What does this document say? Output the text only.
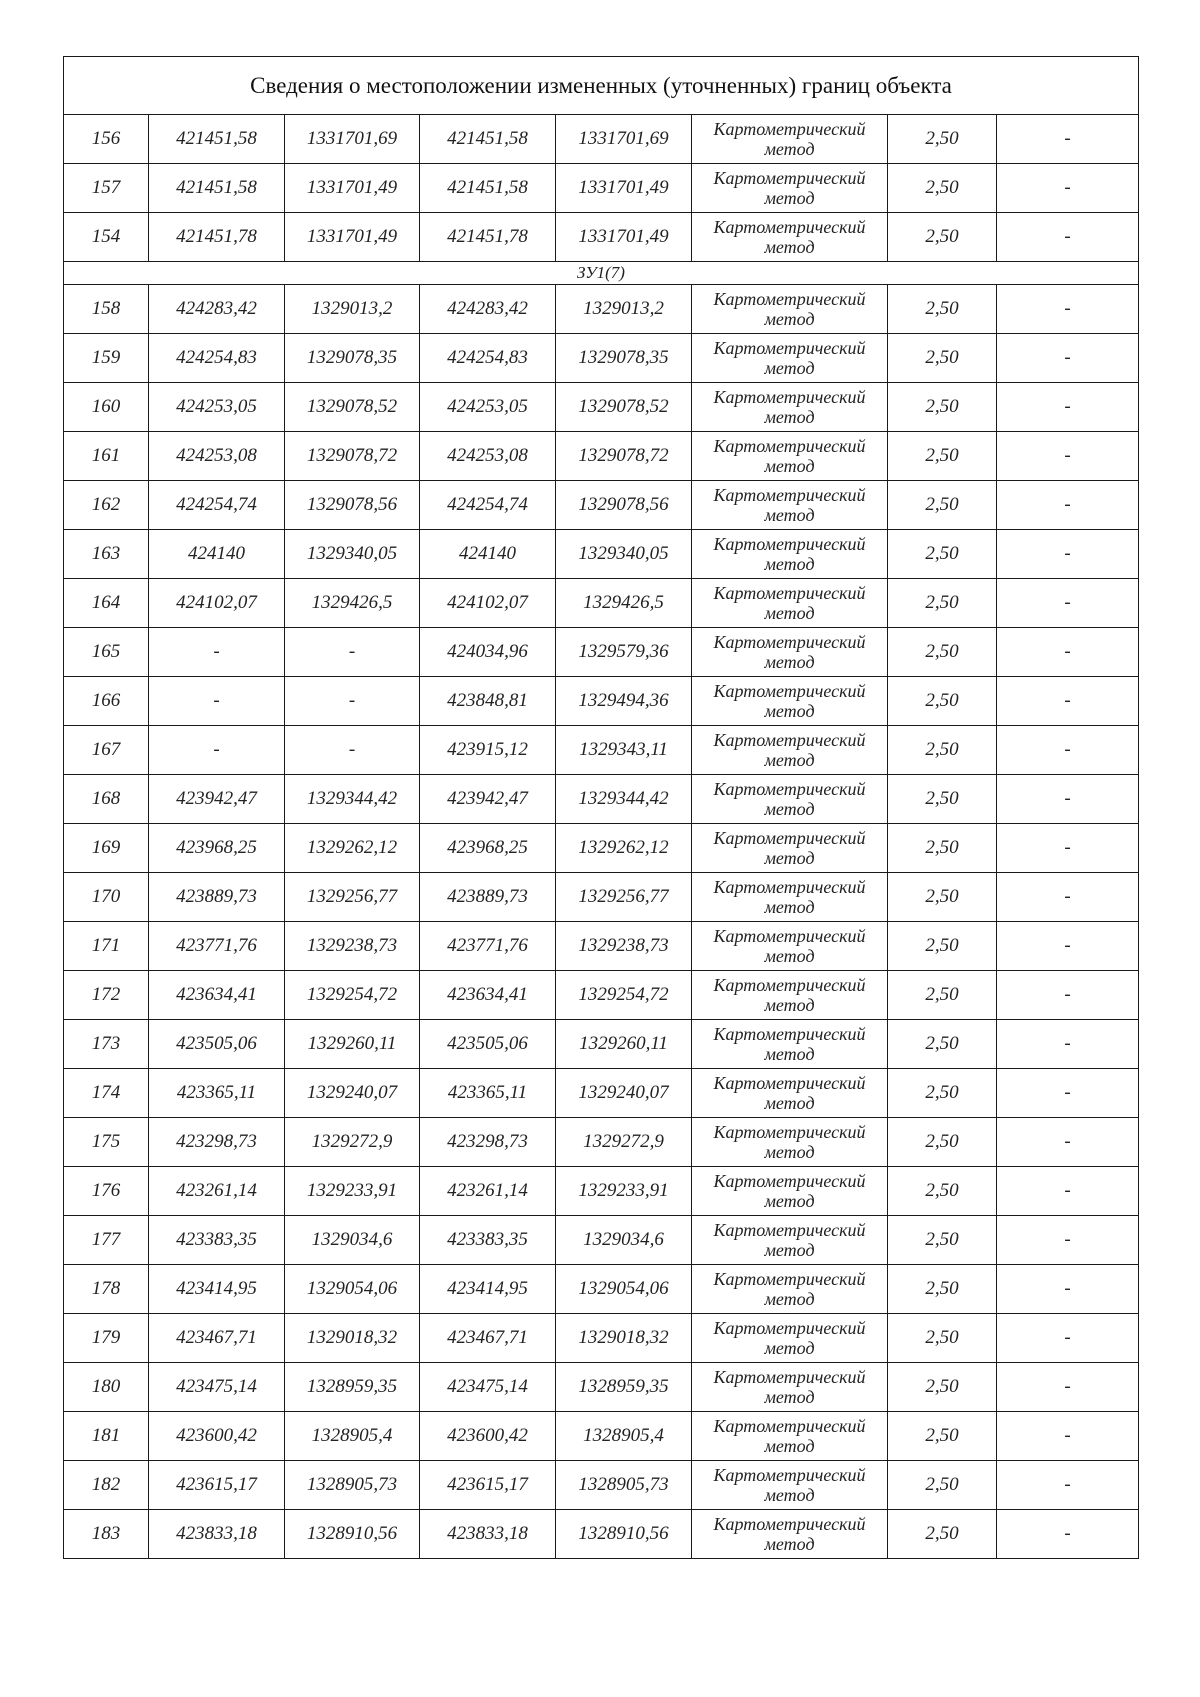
Сведения о местоположении измененных (уточненных) границ объекта							
156	421451,58	1331701,69	421451,58	1331701,69	Картометрический метод	2,50	-
157	421451,58	1331701,49	421451,58	1331701,49	Картометрический метод	2,50	-
154	421451,78	1331701,49	421451,78	1331701,49	Картометрический метод	2,50	-
ЗУ1(7)							
158	424283,42	1329013,2	424283,42	1329013,2	Картометрический метод	2,50	-
159	424254,83	1329078,35	424254,83	1329078,35	Картометрический метод	2,50	-
160	424253,05	1329078,52	424253,05	1329078,52	Картометрический метод	2,50	-
161	424253,08	1329078,72	424253,08	1329078,72	Картометрический метод	2,50	-
162	424254,74	1329078,56	424254,74	1329078,56	Картометрический метод	2,50	-
163	424140	1329340,05	424140	1329340,05	Картометрический метод	2,50	-
164	424102,07	1329426,5	424102,07	1329426,5	Картометрический метод	2,50	-
165	-	-	424034,96	1329579,36	Картометрический метод	2,50	-
166	-	-	423848,81	1329494,36	Картометрический метод	2,50	-
167	-	-	423915,12	1329343,11	Картометрический метод	2,50	-
168	423942,47	1329344,42	423942,47	1329344,42	Картометрический метод	2,50	-
169	423968,25	1329262,12	423968,25	1329262,12	Картометрический метод	2,50	-
170	423889,73	1329256,77	423889,73	1329256,77	Картометрический метод	2,50	-
171	423771,76	1329238,73	423771,76	1329238,73	Картометрический метод	2,50	-
172	423634,41	1329254,72	423634,41	1329254,72	Картометрический метод	2,50	-
173	423505,06	1329260,11	423505,06	1329260,11	Картометрический метод	2,50	-
174	423365,11	1329240,07	423365,11	1329240,07	Картометрический метод	2,50	-
175	423298,73	1329272,9	423298,73	1329272,9	Картометрический метод	2,50	-
176	423261,14	1329233,91	423261,14	1329233,91	Картометрический метод	2,50	-
177	423383,35	1329034,6	423383,35	1329034,6	Картометрический метод	2,50	-
178	423414,95	1329054,06	423414,95	1329054,06	Картометрический метод	2,50	-
179	423467,71	1329018,32	423467,71	1329018,32	Картометрический метод	2,50	-
180	423475,14	1328959,35	423475,14	1328959,35	Картометрический метод	2,50	-
181	423600,42	1328905,4	423600,42	1328905,4	Картометрический метод	2,50	-
182	423615,17	1328905,73	423615,17	1328905,73	Картометрический метод	2,50	-
183	423833,18	1328910,56	423833,18	1328910,56	Картометрический метод	2,50	-
